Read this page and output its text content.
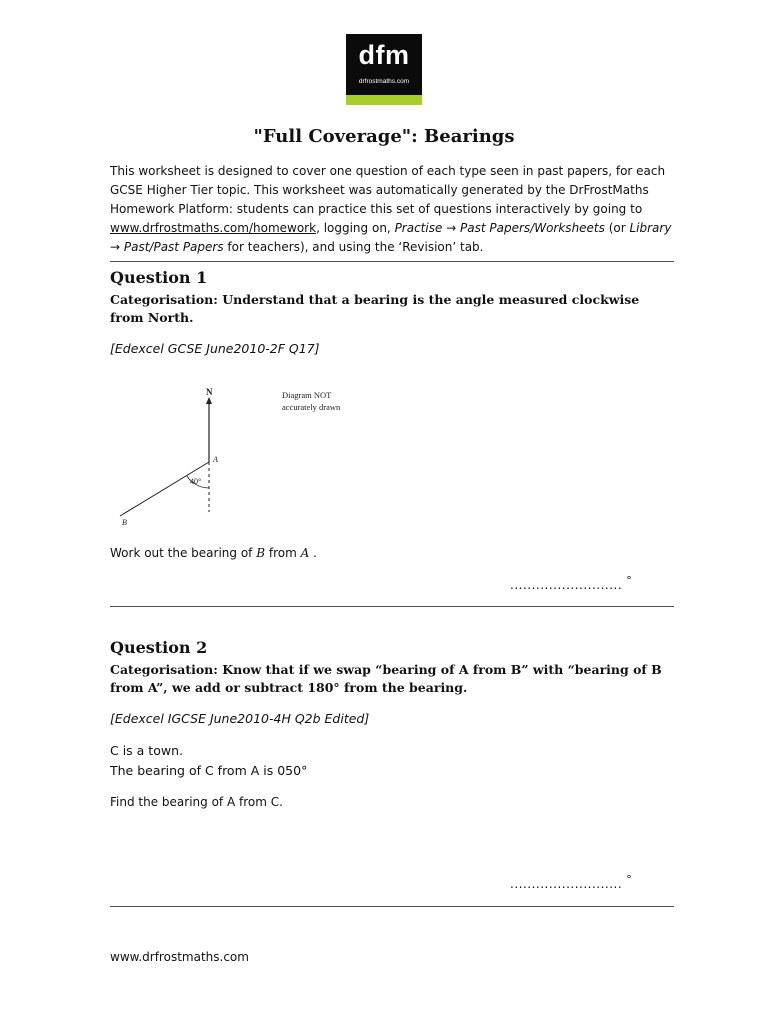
dfm
drfrostmaths.com
"Full Coverage": Bearings
This worksheet is designed to cover one question of each type seen in past papers, for each GCSE Higher Tier topic. This worksheet was automatically generated by the DrFrostMaths Homework Platform: students can practice this set of questions interactively by going to www.drfrostmaths.com/homework, logging on, Practise → Past Papers/Worksheets (or Library → Past/Past Papers for teachers), and using the ‘Revision’ tab.
Question 1
Categorisation: Understand that a bearing is the angle measured clockwise from North.
[Edexcel GCSE June2010-2F Q17]
N
A
B
40°
Diagram NOT
accurately drawn
Work out the bearing of B from A .
.......................... °
Question 2
Categorisation: Know that if we swap “bearing of A from B” with “bearing of B from A”, we add or subtract 180° from the bearing.
[Edexcel IGCSE June2010-4H Q2b Edited]
C is a town.
The bearing of C from A is 050°
Find the bearing of A from C.
.......................... °
www.drfrostmaths.com
